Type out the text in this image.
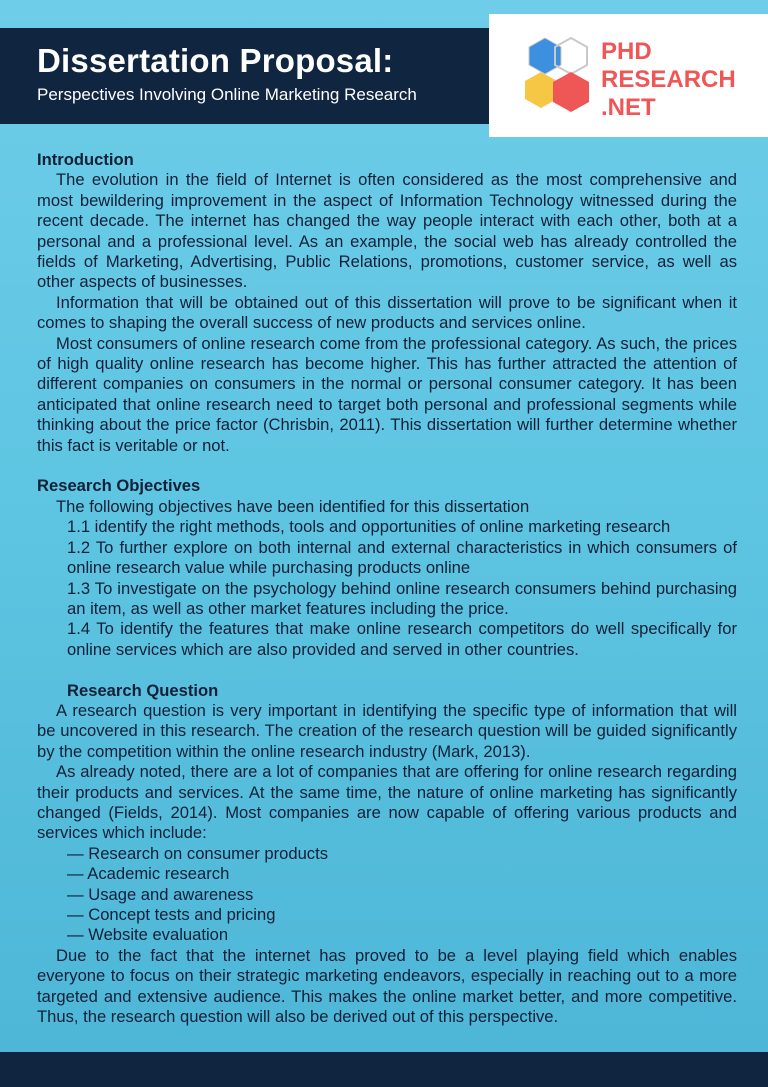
Dissertation Proposal:
Perspectives Involving Online Marketing Research
PHD
RESEARCH
.NET
Introduction

The evolution in the field of Internet is often considered as the most comprehensive and most bewildering improvement in the aspect of Information Technology witnessed during the recent decade. The internet has changed the way people interact with each other, both at a personal and a professional level. As an example, the social web has already controlled the fields of Marketing, Advertising, Public Relations, promotions, customer service, as well as other aspects of businesses.

Information that will be obtained out of this dissertation will prove to be significant when it comes to shaping the overall success of new products and services online.

Most consumers of online research come from the professional category. As such, the prices of high quality online research has become higher. This has further attracted the attention of different companies on consumers in the normal or personal consumer category. It has been anticipated that online research need to target both personal and professional segments while thinking about the price factor (Chrisbin, 2011). This dissertation will further determine whether this fact is veritable or not.

Research Objectives

The following objectives have been identified for this dissertation

1.1 identify the right methods, tools and opportunities of online marketing research
1.2 To further explore on both internal and external characteristics in which consumers of online research value while purchasing products online
1.3 To investigate on the psychology behind online research consumers behind purchasing an item, as well as other market features including the price.
1.4 To identify the features that make online research competitors do well specifically for online services which are also provided and served in other countries.
Research Question

A research question is very important in identifying the specific type of information that will be uncovered in this research. The creation of the research question will be guided significantly by the competition within the online research industry (Mark, 2013).

As already noted, there are a lot of companies that are offering for online research regarding their products and services. At the same time, the nature of online marketing has significantly changed (Fields, 2014). Most companies are now capable of offering various products and services which include:

— Research on consumer products
— Academic research
— Usage and awareness
— Concept tests and pricing
— Website evaluation

Due to the fact that the internet has proved to be a level playing field which enables everyone to focus on their strategic marketing endeavors, especially in reaching out to a more targeted and extensive audience. This makes the online market better, and more competitive. Thus, the research question will also be derived out of this perspective.
